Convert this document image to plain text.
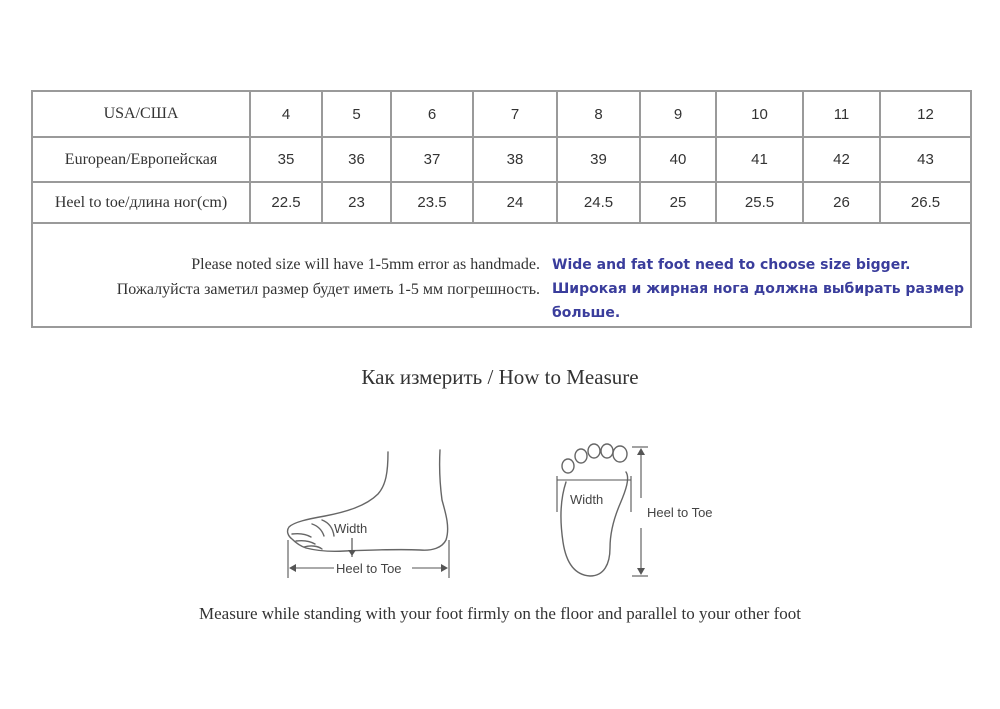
USA/США	4	5	6	7	8	9	10	11	12
European/Европейская	35	36	37	38	39	40	41	42	43
Heel to toe/длина ног(cm)	22.5	23	23.5	24	24.5	25	25.5	26	26.5

Please noted size will have 1-5mm error as handmade.
Пожалуйста заметил размер будет иметь 1-5 мм погрешность.
Wide and fat foot need to choose size bigger.
Широкая и жирная нога должна выбирать размер больше.									
Как измерить / How to Measure
Width
Heel to Toe
Width
Heel to Toe
Measure while standing with your foot firmly on the floor and parallel to your other foot
